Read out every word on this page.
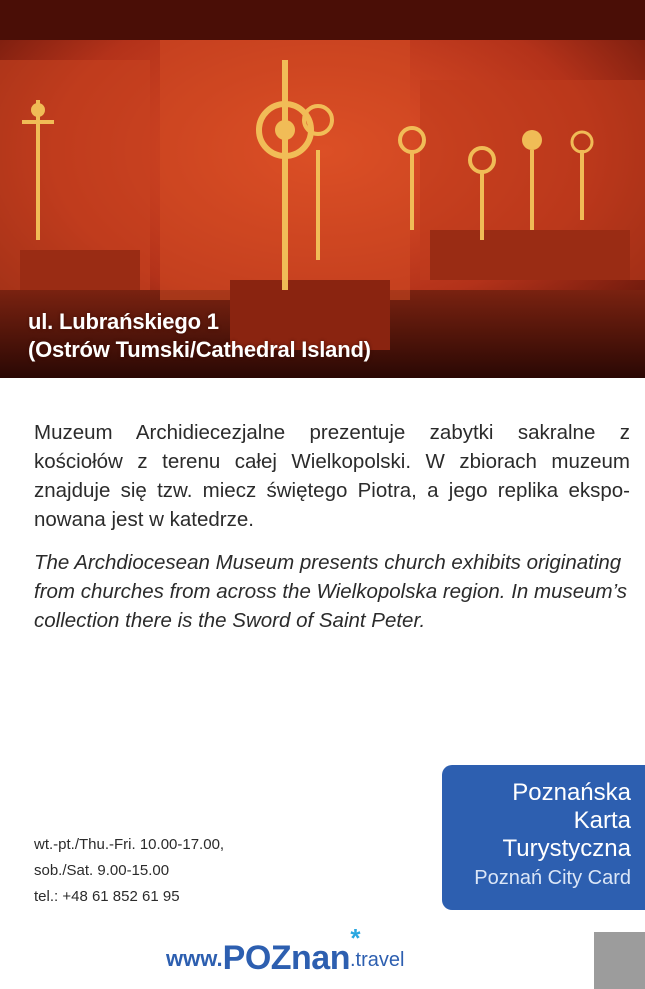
ul. Lubrańskiego 1
(Ostrów Tumski/Cathedral Island)

Muzeum Archidiecezjalne prezentuje zabytki sakralne z kościołów z terenu całej Wielkopolski. W zbiorach muzeum znajduje się tzw. miecz świętego Piotra, a jego replika ekspo-nowana jest w katedrze.

The Archdiocesean Museum presents church exhibits originating from churches from across the Wielkopolska region. In museum’s collection there is the Sword of Saint Peter.

wt.-pt./Thu.-Fri. 10.00-17.00,
sob./Sat. 9.00-15.00
tel.: +48 61 852 61 95
Poznańska
Karta
Turystyczna
Poznań City Card
www. POZnan
*
.travel
